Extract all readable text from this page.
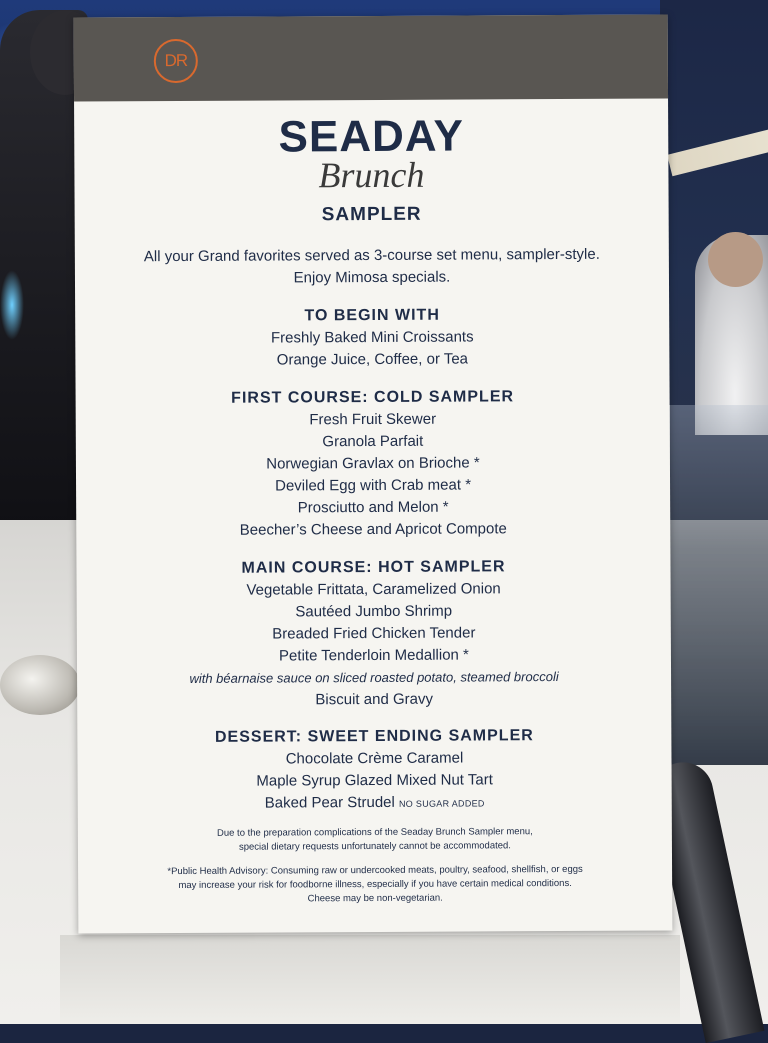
DR
SEADAY
Brunch
SAMPLER
All your Grand favorites served as 3-course set menu, sampler-style.
Enjoy Mimosa specials.
TO BEGIN WITH
Freshly Baked Mini Croissants
Orange Juice, Coffee, or Tea
FIRST COURSE: COLD SAMPLER
Fresh Fruit Skewer
Granola Parfait
Norwegian Gravlax on Brioche *
Deviled Egg with Crab meat *
Prosciutto and Melon *
Beecher’s Cheese and Apricot Compote
MAIN COURSE: HOT SAMPLER
Vegetable Frittata, Caramelized Onion
Sautéed Jumbo Shrimp
Breaded Fried Chicken Tender
Petite Tenderloin Medallion *
with béarnaise sauce on sliced roasted potato, steamed broccoli
Biscuit and Gravy
DESSERT: SWEET ENDING SAMPLER
Chocolate Crème Caramel
Maple Syrup Glazed Mixed Nut Tart
Baked Pear Strudel NO SUGAR ADDED
Due to the preparation complications of the Seaday Brunch Sampler menu,
special dietary requests unfortunately cannot be accommodated.
*Public Health Advisory: Consuming raw or undercooked meats, poultry, seafood, shellfish, or eggs
may increase your risk for foodborne illness, especially if you have certain medical conditions.
Cheese may be non-vegetarian.
